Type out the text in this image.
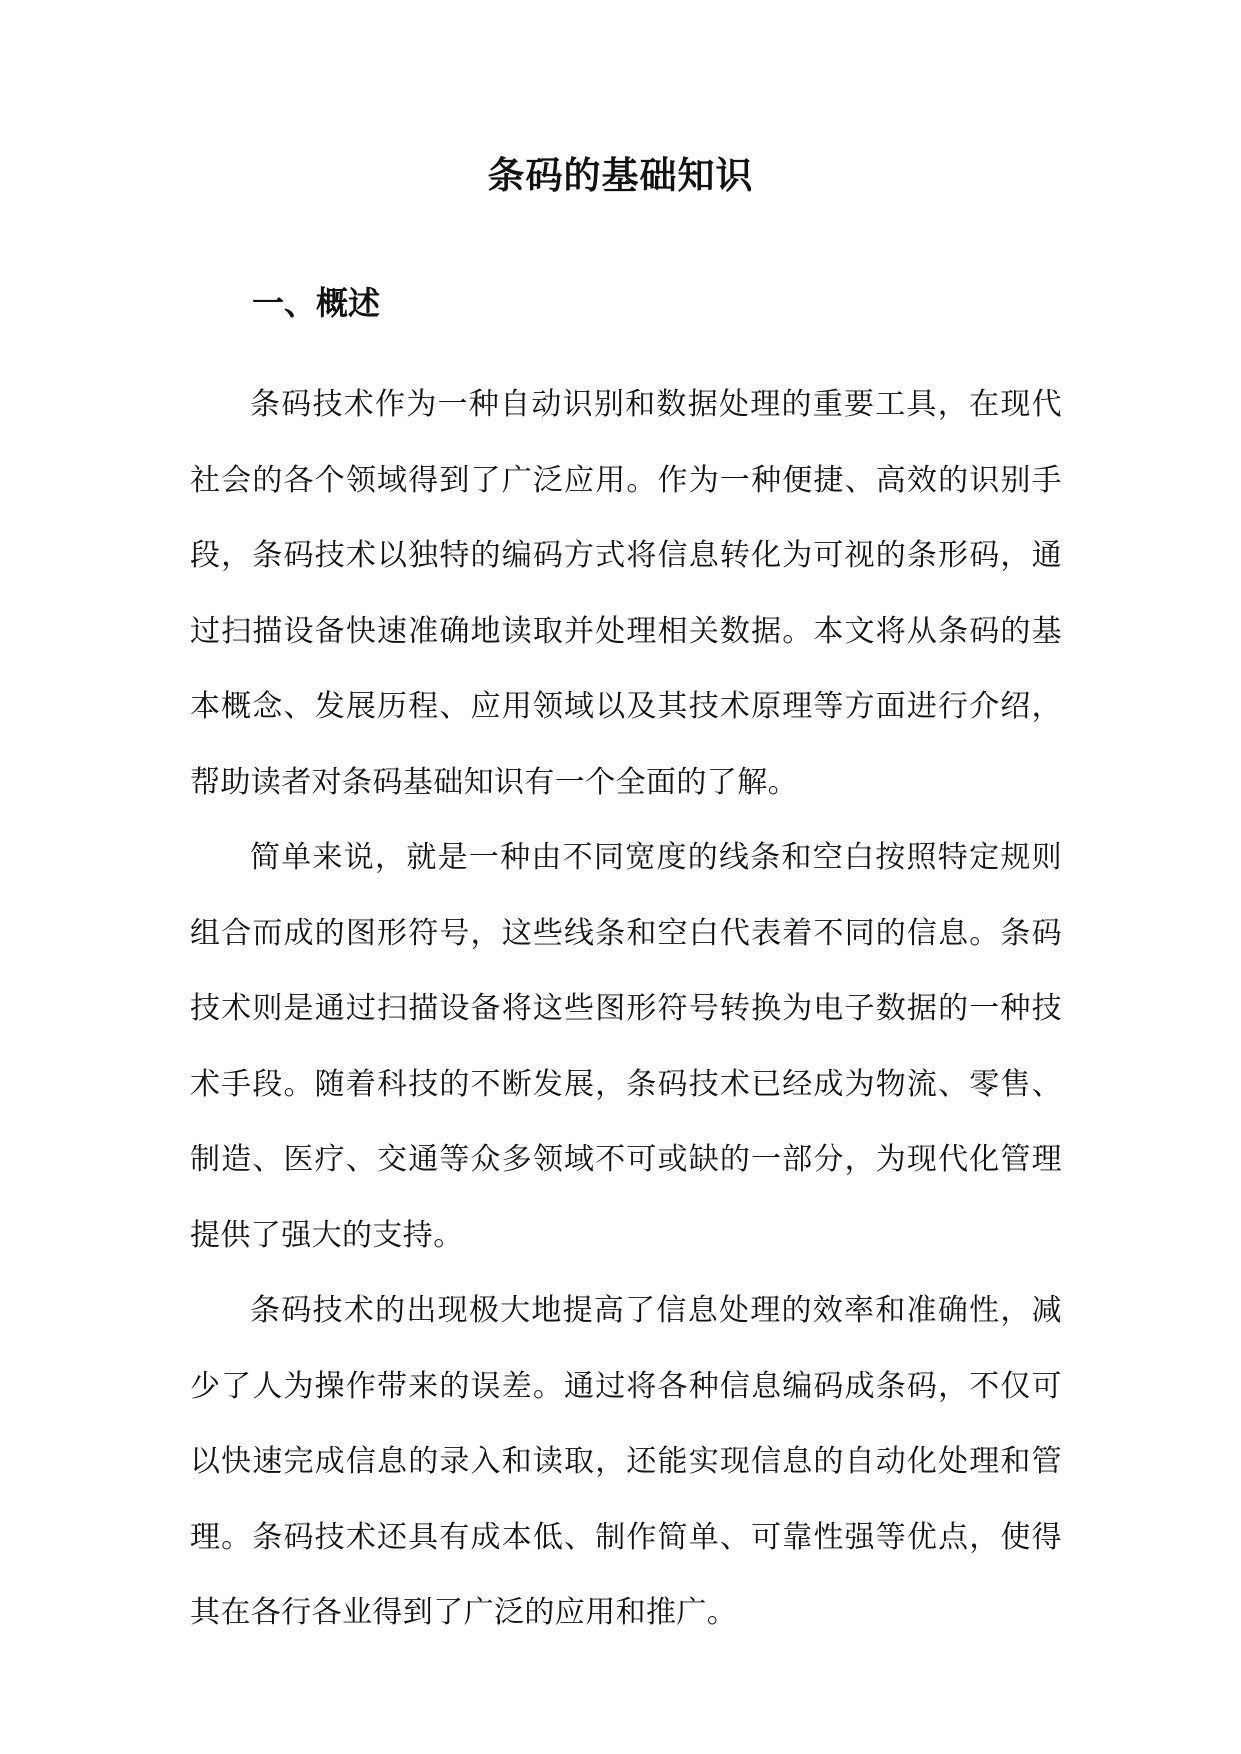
条码的基础知识
一、概述

条码技术作为一种自动识别和数据处理的重要工具，在现代社会的各个领域得到了广泛应用。作为一种便捷、高效的识别手段，条码技术以独特的编码方式将信息转化为可视的条形码，通过扫描设备快速准确地读取并处理相关数据。本文将从条码的基本概念、发展历程、应用领域以及其技术原理等方面进行介绍，帮助读者对条码基础知识有一个全面的了解。

简单来说，就是一种由不同宽度的线条和空白按照特定规则组合而成的图形符号，这些线条和空白代表着不同的信息。条码技术则是通过扫描设备将这些图形符号转换为电子数据的一种技术手段。随着科技的不断发展，条码技术已经成为物流、零售、制造、医疗、交通等众多领域不可或缺的一部分，为现代化管理提供了强大的支持。

条码技术的出现极大地提高了信息处理的效率和准确性，减少了人为操作带来的误差。通过将各种信息编码成条码，不仅可以快速完成信息的录入和读取，还能实现信息的自动化处理和管理。条码技术还具有成本低、制作简单、可靠性强等优点，使得其在各行各业得到了广泛的应用和推广。
